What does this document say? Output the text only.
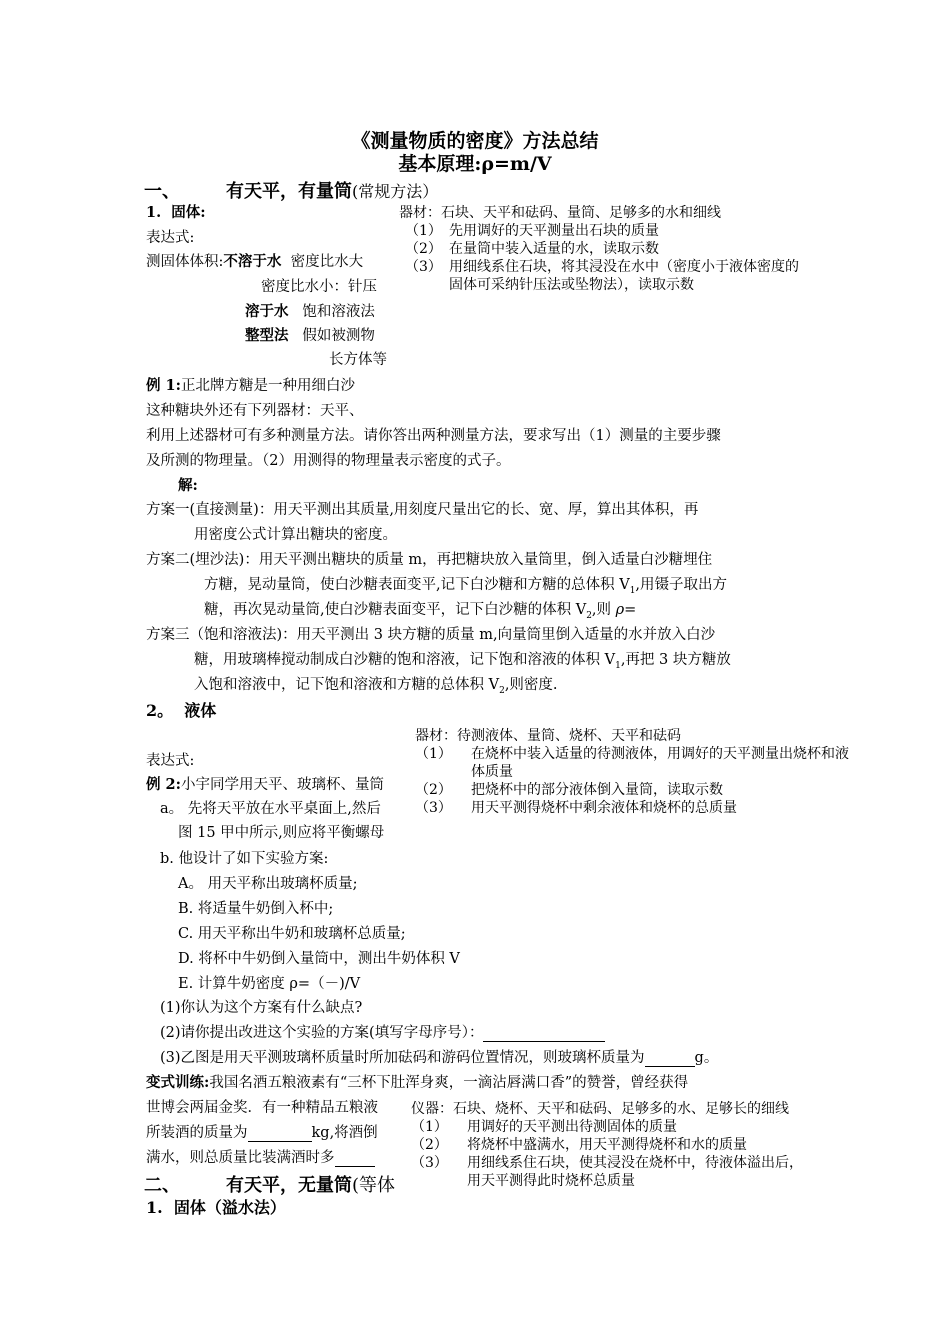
《测量物质的密度》方法总结
基本原理:ρ=m/V
一、	有天平，有量筒(常规方法）
1. 固体:
表达式:
测固体体积:不溶于水 密度比水大
密度比水小：针压
溶于水 饱和溶液法
整型法 假如被测物
长方体等
例 1:正北牌方糖是一种用细白沙
这种糖块外还有下列器材：天平、
利用上述器材可有多种测量方法。请你答出两种测量方法，要求写出（1）测量的主要步骤
及所测的物理量。（2）用测得的物理量表示密度的式子。
解:
方案一(直接测量)：用天平测出其质量,用刻度尺量出它的长、宽、厚，算出其体积，再
用密度公式计算出糖块的密度。
方案二(埋沙法)：用天平测出糖块的质量 m，再把糖块放入量筒里，倒入适量白沙糖埋住
方糖，晃动量筒，使白沙糖表面变平,记下白沙糖和方糖的总体积 $V_1$,用镊子取出方
糖，再次晃动量筒,使白沙糖表面变平，记下白沙糖的体积 $V_2$,则 ρ=
方案三（饱和溶液法)：用天平测出 3 块方糖的质量 m,向量筒里倒入适量的水并放入白沙
糖，用玻璃棒搅动制成白沙糖的饱和溶液，记下饱和溶液的体积 $V_1$,再把 3 块方糖放
入饱和溶液中，记下饱和溶液和方糖的总体积 $V_2$,则密度.
2。 液体
表达式:
例 2:小宇同学用天平、玻璃杯、量筒
a。 先将天平放在水平桌面上,然后
图 15 甲中所示,则应将平衡螺母
b. 他设计了如下实验方案:
A。 用天平称出玻璃杯质量;
B. 将适量牛奶倒入杯中;
C. 用天平称出牛奶和玻璃杯总质量;
D. 将杯中牛奶倒入量筒中，测出牛奶体积 V
E. 计算牛奶密度 ρ=（－)/V
(1)你认为这个方案有什么缺点?
(2)请你提出改进这个实验的方案(填写字母序号）：
(3)乙图是用天平测玻璃杯质量时所加砝码和游码位置情况，则玻璃杯质量为	g。
变式训练:我国名酒五粮液素有“三杯下肚浑身爽，一滴沾唇满口香”的赞誉，曾经获得
世博会两届金奖．有一种精品五粮液
所装酒的质量为	kg,将酒倒
满水，则总质量比装满酒时多
二、	有天平，无量筒(等体
1. 固体（溢水法）
器材：石块、天平和砝码、量筒、足够多的水和细线
（1） 先用调好的天平测量出石块的质量
（2） 在量筒中装入适量的水，读取示数
（3） 用细线系住石块，将其浸没在水中（密度小于液体密度的固体可采纳针压法或坠物法），读取示数
器材：待测液体、量筒、烧杯、天平和砝码
（1）	在烧杯中装入适量的待测液体，用调好的天平测量出烧杯和液体质量
（2）	把烧杯中的部分液体倒入量筒，读取示数
（3）	用天平测得烧杯中剩余液体和烧杯的总质量
仪器：石块、烧杯、天平和砝码、足够多的水、足够长的细线
（1）	用调好的天平测出待测固体的质量
（2）	将烧杯中盛满水，用天平测得烧杯和水的质量
（3）	用细线系住石块，使其浸没在烧杯中，待液体溢出后，用天平测得此时烧杯总质量
